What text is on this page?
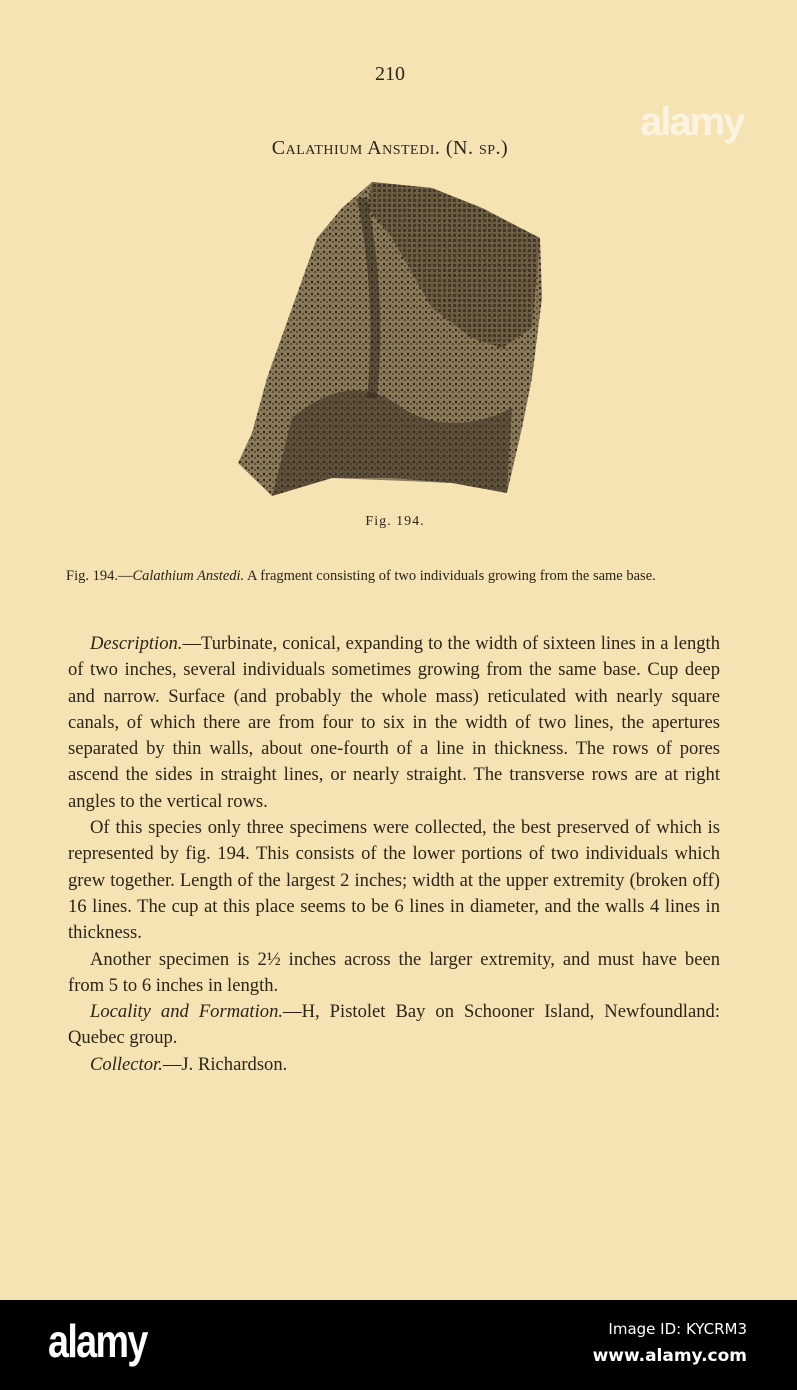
alamy
210
Calathium Anstedi. (N. sp.)
Fig. 194.
Fig. 194.—Calathium Anstedi. A fragment consisting of two individuals growing from the same base.

Description.—Turbinate, conical, expanding to the width of sixteen lines in a length of two inches, several individuals sometimes growing from the same base. Cup deep and narrow. Surface (and probably the whole mass) reticulated with nearly square canals, of which there are from four to six in the width of two lines, the apertures separated by thin walls, about one-fourth of a line in thickness. The rows of pores ascend the sides in straight lines, or nearly straight. The transverse rows are at right angles to the vertical rows.

Of this species only three specimens were collected, the best preserved of which is represented by fig. 194. This consists of the lower portions of two individuals which grew together. Length of the largest 2 inches; width at the upper extremity (broken off) 16 lines. The cup at this place seems to be 6 lines in diameter, and the walls 4 lines in thickness.

Another specimen is 2½ inches across the larger extremity, and must have been from 5 to 6 inches in length.

Locality and Formation.—H, Pistolet Bay on Schooner Island, Newfoundland: Quebec group.

Collector.—J. Richardson.

alamy	Image ID: KYCRM3
www.alamy.com
